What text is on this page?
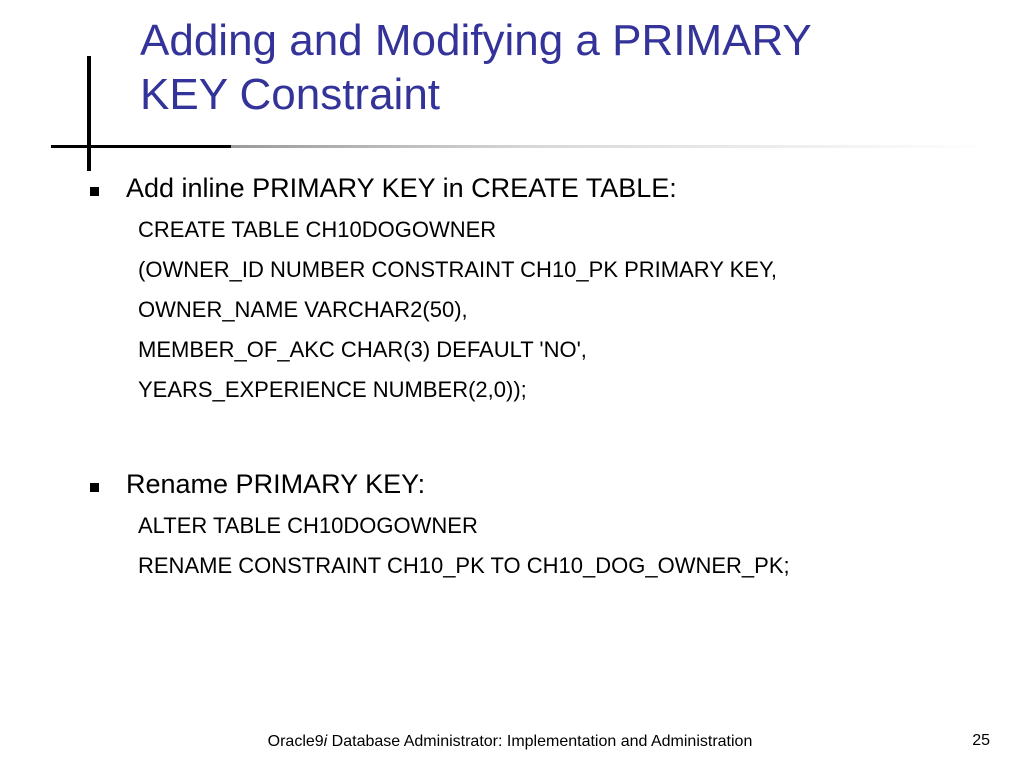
Adding and Modifying a PRIMARY
KEY Constraint
Add inline PRIMARY KEY in CREATE TABLE:
CREATE TABLE CH10DOGOWNER
(OWNER_ID NUMBER CONSTRAINT CH10_PK PRIMARY KEY,
OWNER_NAME VARCHAR2(50),
MEMBER_OF_AKC CHAR(3) DEFAULT 'NO',
YEARS_EXPERIENCE NUMBER(2,0));
Rename PRIMARY KEY:
ALTER TABLE CH10DOGOWNER
RENAME CONSTRAINT CH10_PK TO CH10_DOG_OWNER_PK;
Oracle9i Database Administrator: Implementation and Administration	25
